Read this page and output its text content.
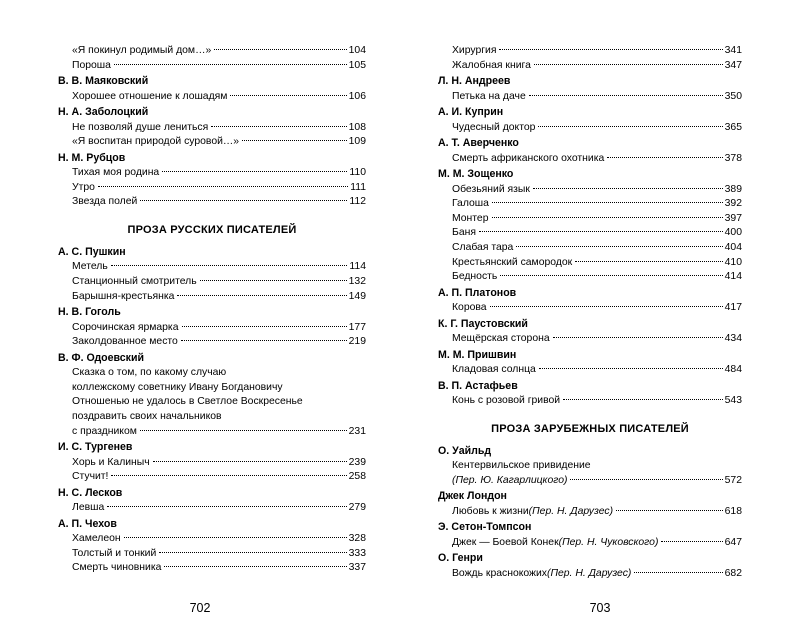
«Я покинул родимый дом…»	104
Пороша	105
В. В. Маяковский
Хорошее отношение к лошадям	106
Н. А. Заболоцкий
Не позволяй душе лениться	108
«Я воспитан природой суровой…»	109
Н. М. Рубцов
Тихая моя родина	110
Утро	111
Звезда полей	112
ПРОЗА РУССКИХ ПИСАТЕЛЕЙ
А. С. Пушкин
Метель	114
Станционный смотритель	132
Барышня-крестьянка	149
Н. В. Гоголь
Сорочинская ярмарка	177
Заколдованное место	219
В. Ф. Одоевский
Сказка о том, по какому случаю
коллежскому советнику Ивану Богдановичу
Отношенью не удалось в Светлое Воскресенье
поздравить своих начальников
с праздником	231
И. С. Тургенев
Хорь и Калиныч	239
Стучит!	258
Н. С. Лесков
Левша	279
А. П. Чехов
Хамелеон	328
Толстый и тонкий	333
Смерть чиновника	337
702
Хирургия	341
Жалобная книга	347
Л. Н. Андреев
Петька на даче	350
А. И. Куприн
Чудесный доктор	365
А. Т. Аверченко
Смерть африканского охотника	378
М. М. Зощенко
Обезьяний язык	389
Галоша	392
Монтер	397
Баня	400
Слабая тара	404
Крестьянский самородок	410
Бедность	414
А. П. Платонов
Корова	417
К. Г. Паустовский
Мещёрская сторона	434
М. М. Пришвин
Кладовая солнца	484
В. П. Астафьев
Конь с розовой гривой	543
ПРОЗА ЗАРУБЕЖНЫХ ПИСАТЕЛЕЙ
О. Уайльд
Кентервильское привидение
(Пер. Ю. Кагарлицкого)	572
Джек Лондон
Любовь к жизни (Пер. Н. Дарузес)	618
Э. Сетон-Томпсон
Джек — Боевой Конек (Пер. Н. Чуковского)	647
О. Генри
Вождь краснокожих (Пер. Н. Дарузес)	682
703
